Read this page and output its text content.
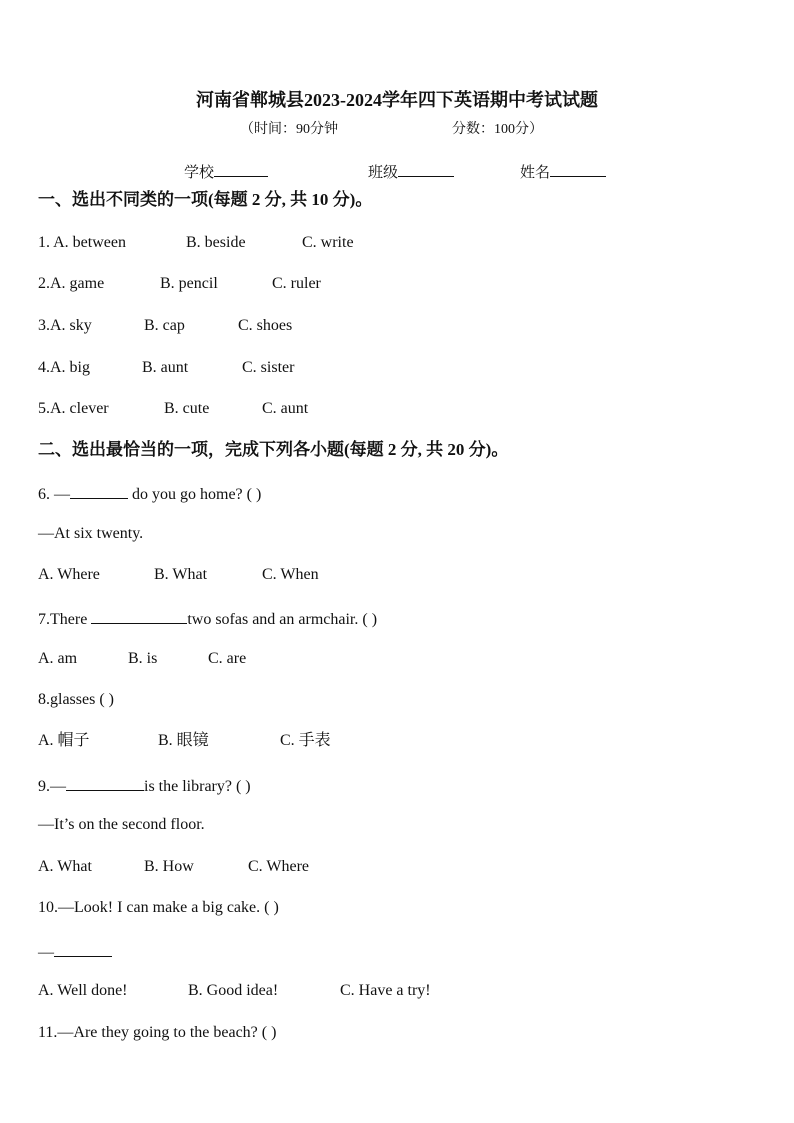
河南省郸城县2023-2024学年四下英语期中考试试题
（时间：90分钟	分数：100分）
学校	班级	姓名
一、选出不同类的一项(每题 2 分, 共 10 分)。
1. A. between	B. beside	C. write
2.A. game	B. pencil	C. ruler
3.A. sky	B. cap	C. shoes
4.A. big	B. aunt	C. sister
5.A. clever	B. cute	C. aunt
二、选出最恰当的一项，完成下列各小题(每题 2 分, 共 20 分)。
6. —	do you go home? ( )
—At six twenty.
A. Where	B. What	C. When
7.There	two sofas and an armchair. ( )
A. am	B. is	C. are
8.glasses ( )
A. 帽子	B. 眼镜	C. 手表
9.—	is the library? ( )
—It’s on the second floor.
A. What	B. How	C. Where
10.—Look! I can make a big cake. ( )
—
A. Well done!	B. Good idea!	C. Have a try!
11.—Are they going to the beach? ( )
